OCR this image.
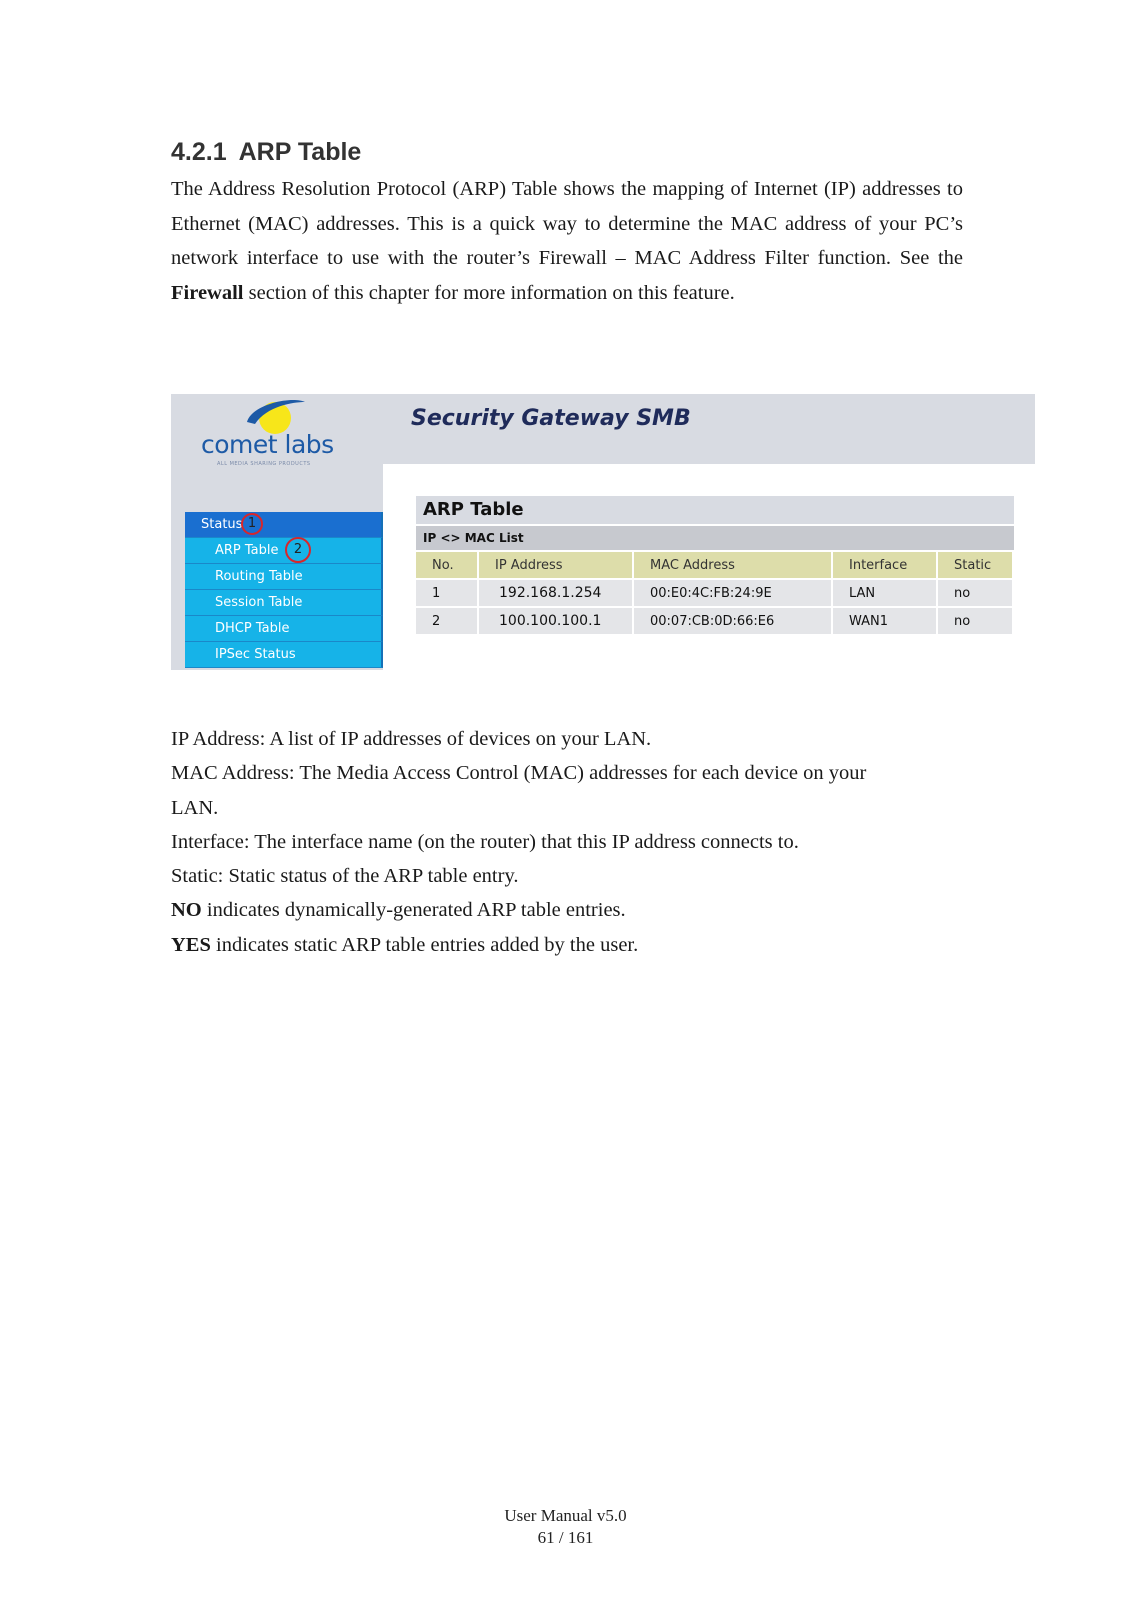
4.2.1 ARP Table

The Address Resolution Protocol (ARP) Table shows the mapping of Internet (IP) addresses to Ethernet (MAC) addresses. This is a quick way to determine the MAC address of your PC’s network interface to use with the router’s Firewall – MAC Address Filter function. See the Firewall section of this chapter for more information on this feature.

comet labs
ALL MEDIA SHARING PRODUCTS
Security Gateway SMB
Status 1
ARP Table	2
Routing Table
Session Table
DHCP Table
IPSec Status
ARP Table
IP <> MAC List
No.	IP Address	MAC Address	Interface	Static
1	192.168.1.254	00:E0:4C:FB:24:9E	LAN	no
2	100.100.100.1	00:07:CB:0D:66:E6	WAN1	no

IP Address: A list of IP addresses of devices on your LAN.

MAC Address: The Media Access Control (MAC) addresses for each device on your

LAN.

Interface: The interface name (on the router) that this IP address connects to.

Static: Static status of the ARP table entry.

NO indicates dynamically-generated ARP table entries.

YES indicates static ARP table entries added by the user.

User Manual v5.0
61 / 161
